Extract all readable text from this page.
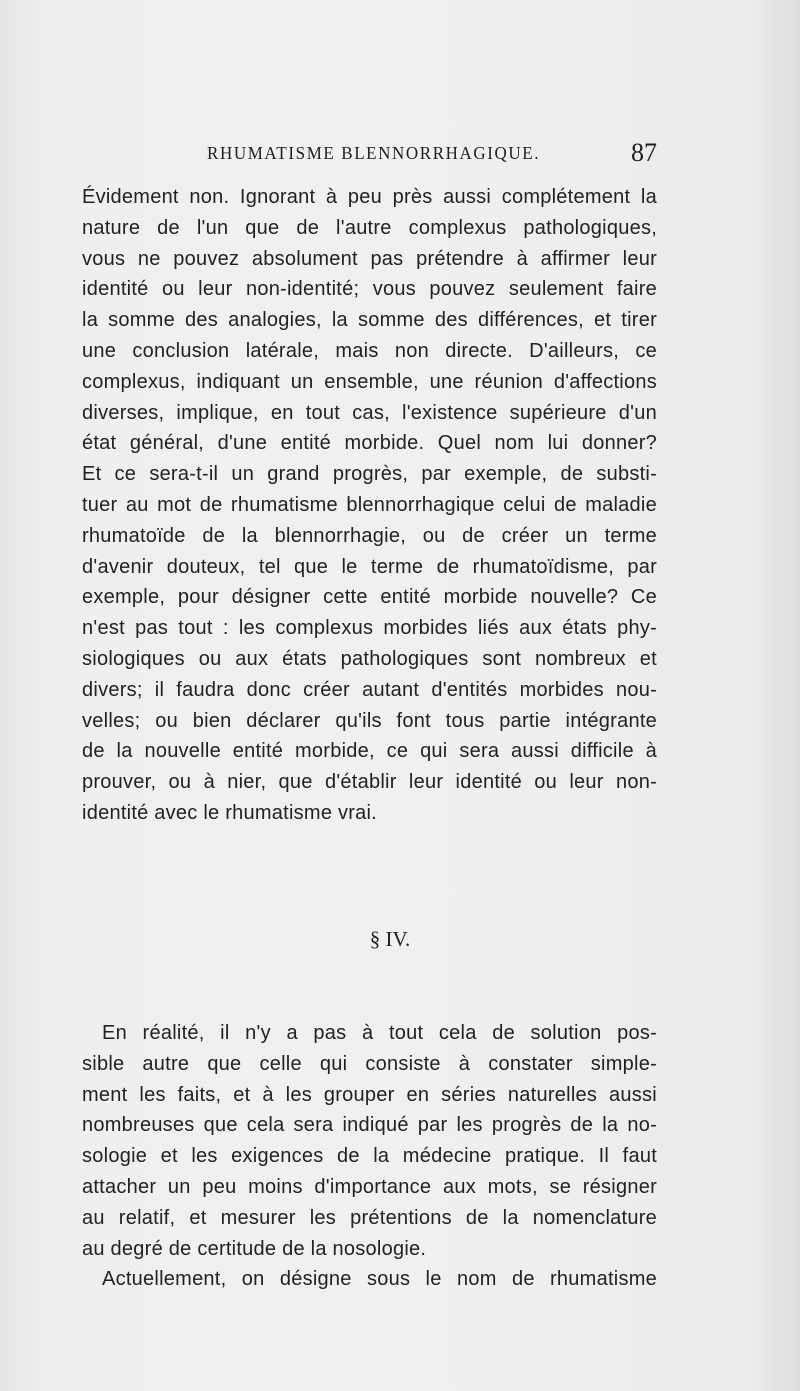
RHUMATISME BLENNORRHAGIQUE.	87
Évidement non. Ignorant à peu près aussi complétement la
nature de l'un que de l'autre complexus pathologiques,
vous ne pouvez absolument pas prétendre à affirmer leur
identité ou leur non-identité; vous pouvez seulement faire
la somme des analogies, la somme des différences, et tirer
une conclusion latérale, mais non directe. D'ailleurs, ce
complexus, indiquant un ensemble, une réunion d'affections
diverses, implique, en tout cas, l'existence supérieure d'un
état général, d'une entité morbide. Quel nom lui donner?
Et ce sera-t-il un grand progrès, par exemple, de substi-
tuer au mot de rhumatisme blennorrhagique celui de maladie
rhumatoïde de la blennorrhagie, ou de créer un terme
d'avenir douteux, tel que le terme de rhumatoïdisme, par
exemple, pour désigner cette entité morbide nouvelle? Ce
n'est pas tout : les complexus morbides liés aux états phy-
siologiques ou aux états pathologiques sont nombreux et
divers; il faudra donc créer autant d'entités morbides nou-
velles; ou bien déclarer qu'ils font tous partie intégrante
de la nouvelle entité morbide, ce qui sera aussi difficile à
prouver, ou à nier, que d'établir leur identité ou leur non-
identité avec le rhumatisme vrai.
§ IV.
En réalité, il n'y a pas à tout cela de solution pos-
sible autre que celle qui consiste à constater simple-
ment les faits, et à les grouper en séries naturelles aussi
nombreuses que cela sera indiqué par les progrès de la no-
sologie et les exigences de la médecine pratique. Il faut
attacher un peu moins d'importance aux mots, se résigner
au relatif, et mesurer les prétentions de la nomenclature
au degré de certitude de la nosologie.
Actuellement, on désigne sous le nom de rhumatisme
